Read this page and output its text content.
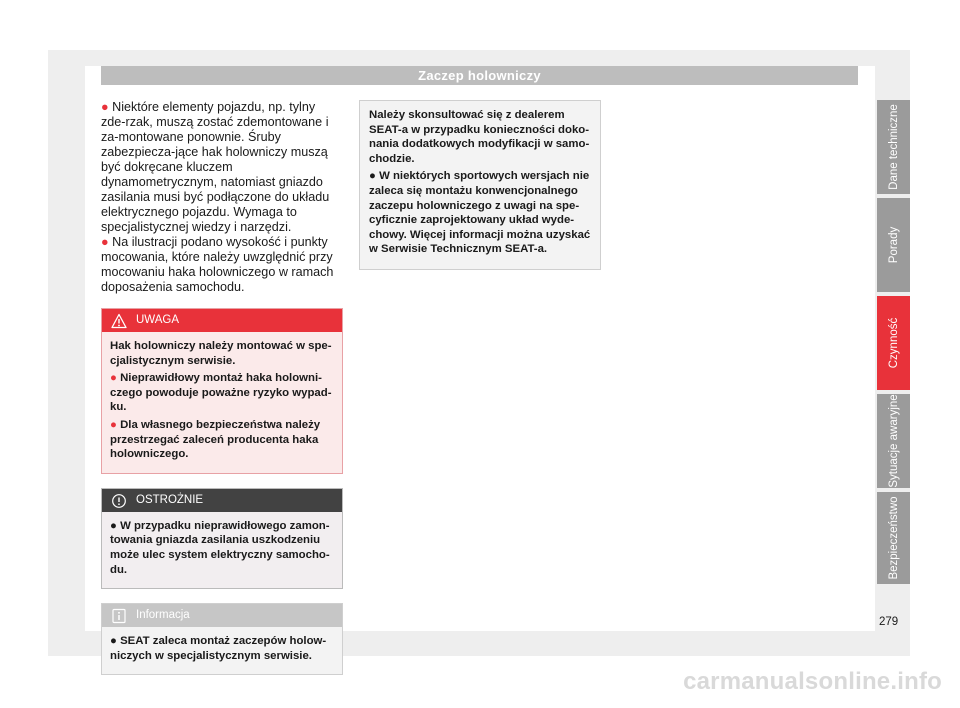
Zaczep holowniczy

● Niektóre elementy pojazdu, np. tylny zde-rzak, muszą zostać zdemontowane i za-montowane ponownie. Śruby zabezpiecza-jące hak holowniczy muszą być dokręcane kluczem dynamometrycznym, natomiast gniazdo zasilania musi być podłączone do układu elektrycznego pojazdu. Wymaga to specjalistycznej wiedzy i narzędzi.

● Na ilustracji podano wysokość i punkty mocowania, które należy uwzględnić przy mocowaniu haka holowniczego w ramach doposażenia samochodu.

UWAGA

Hak holowniczy należy montować w spe-cjalistycznym serwisie.

● Nieprawidłowy montaż haka holowni-czego powoduje poważne ryzyko wypad-ku.

● Dla własnego bezpieczeństwa należy przestrzegać zaleceń producenta haka holowniczego.

OSTROŻNIE

● W przypadku nieprawidłowego zamon-towania gniazda zasilania uszkodzeniu może ulec system elektryczny samocho-du.

Informacja

● SEAT zaleca montaż zaczepów holow-niczych w specjalistycznym serwisie.

Należy skonsultować się z dealerem SEAT-a w przypadku konieczności doko-nania dodatkowych modyfikacji w samo-chodzie.

● W niektórych sportowych wersjach nie zaleca się montażu konwencjonalnego zaczepu holowniczego z uwagi na spe-cyficznie zaprojektowany układ wyde-chowy. Więcej informacji można uzyskać w Serwisie Technicznym SEAT-a.

Dane techniczne
Porady
Czynność
Sytuacje awaryjne
Bezpieczeństwo
279
carmanualsonline.info
